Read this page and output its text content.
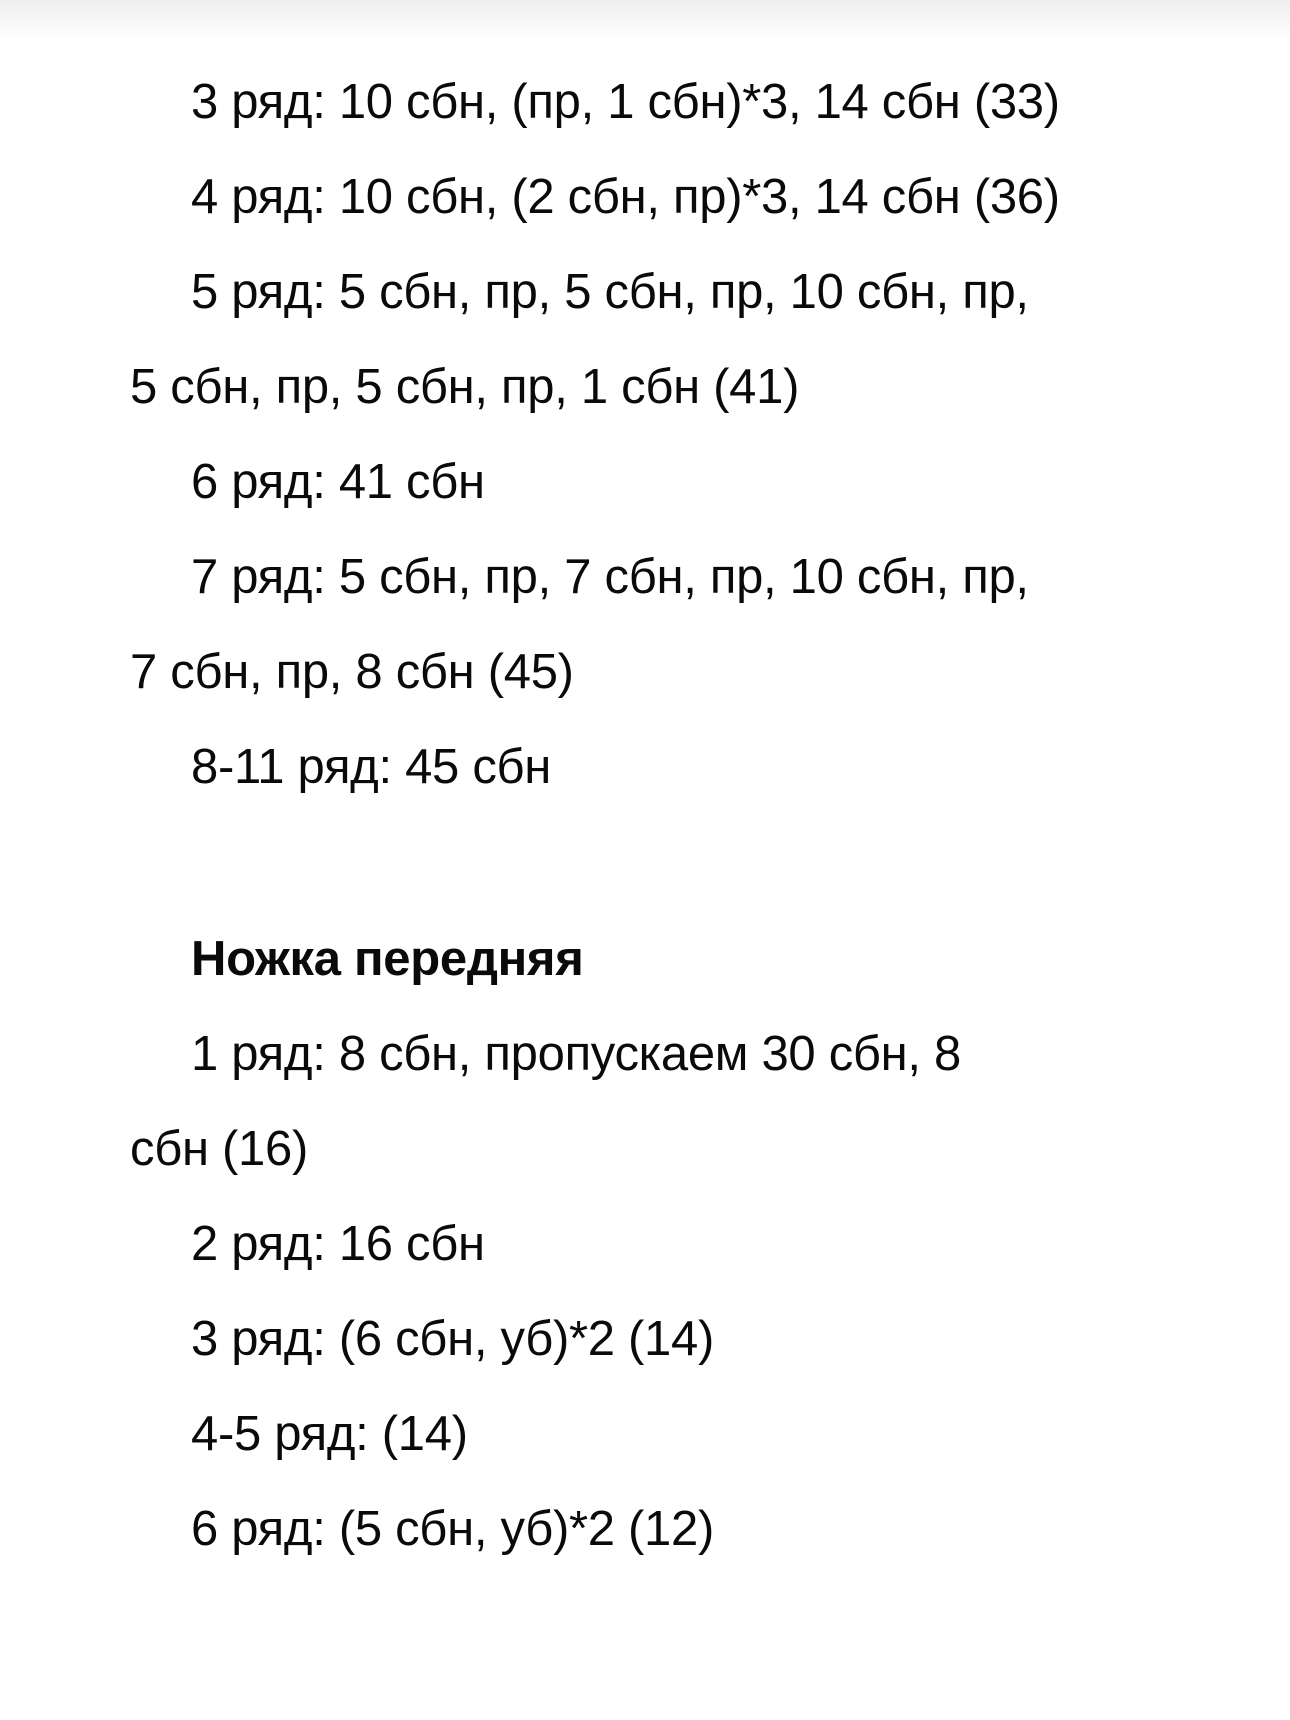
3 ряд: 10 сбн, (пр, 1 сбн)*3, 14 сбн (33)
4 ряд: 10 сбн, (2 сбн, пр)*3, 14 сбн (36)
5 ряд: 5 сбн, пр, 5 сбн, пр, 10 сбн, пр,
5 сбн, пр, 5 сбн, пр, 1 сбн (41)
6 ряд: 41 сбн
7 ряд: 5 сбн, пр, 7 сбн, пр, 10 сбн, пр,
7 сбн, пр, 8 сбн (45)
8-11 ряд: 45 сбн
Ножка передняя
1 ряд: 8 сбн, пропускаем 30 сбн, 8
сбн (16)
2 ряд: 16 сбн
3 ряд: (6 сбн, уб)*2 (14)
4-5 ряд: (14)
6 ряд: (5 сбн, уб)*2 (12)
